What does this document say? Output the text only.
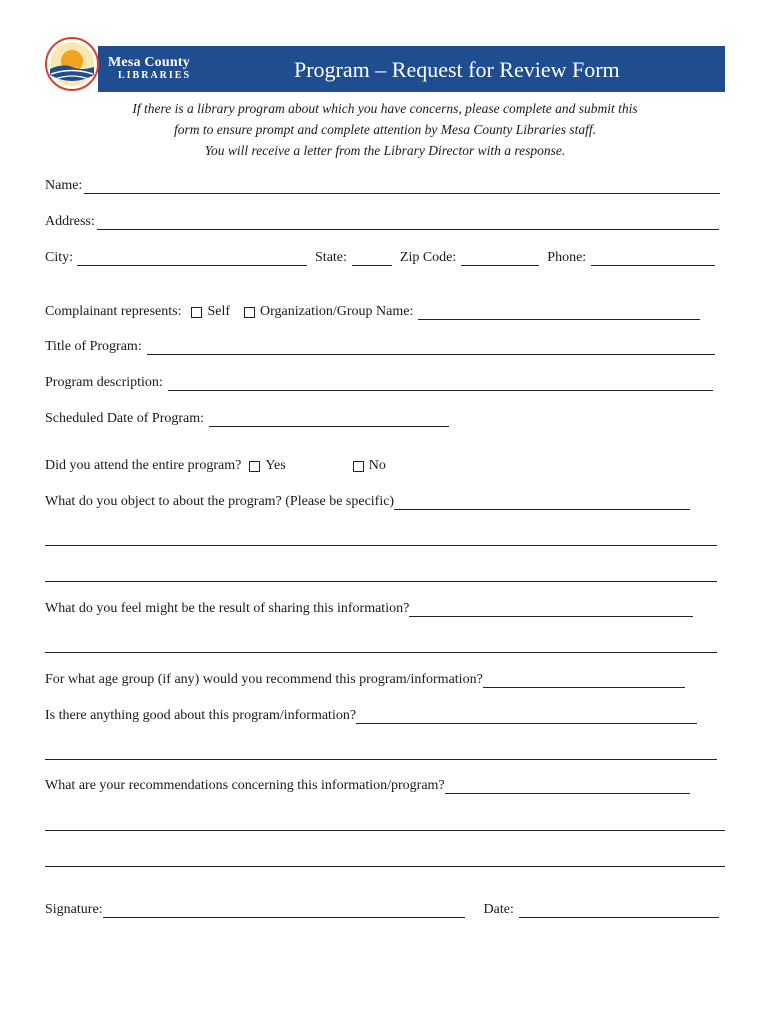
Mesa County
LIBRARIES	Program – Request for Review Form
If there is a library program about which you have concerns, please complete and submit this
form to ensure prompt and complete attention by Mesa County Libraries staff.
You will receive a letter from the Library Director with a response.
Name:
Address:
City:	State:	Zip Code:	Phone:
Complainant represents: Self Organization/Group Name:
Title of Program:
Program description:
Scheduled Date of Program:
Did you attend the entire program? Yes	No
What do you object to about the program? (Please be specific)
What do you feel might be the result of sharing this information?
For what age group (if any) would you recommend this program/information?
Is there anything good about this program/information?
What are your recommendations concerning this information/program?
Signature:	Date:
